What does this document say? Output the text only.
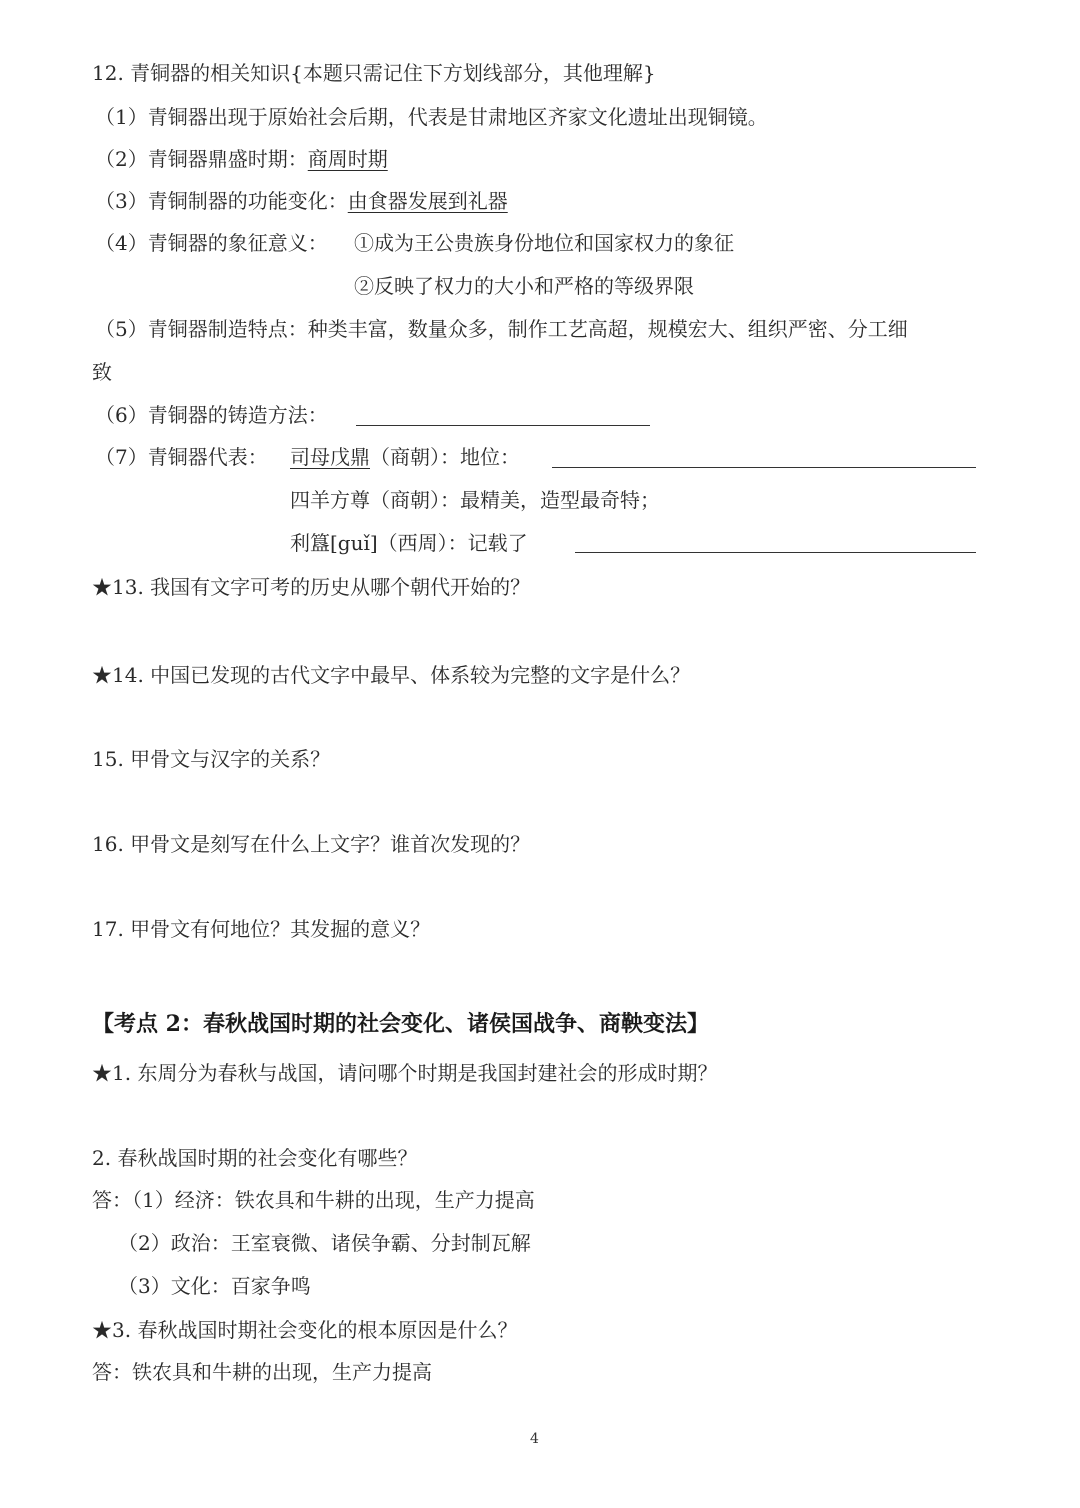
12. 青铜器的相关知识{本题只需记住下方划线部分，其他理解}
（1）青铜器出现于原始社会后期，代表是甘肃地区齐家文化遗址出现铜镜。
（2）青铜器鼎盛时期：商周时期
（3）青铜制器的功能变化：由食器发展到礼器
（4）青铜器的象征意义： ①成为王公贵族身份地位和国家权力的象征
②反映了权力的大小和严格的等级界限
（5）青铜器制造特点：种类丰富，数量众多，制作工艺高超，规模宏大、组织严密、分工细
致
（6）青铜器的铸造方法：
（7）青铜器代表： 司母戊鼎（商朝）：地位：
四羊方尊（商朝）：最精美，造型最奇特；
利簋[guǐ]（西周）：记载了
★13. 我国有文字可考的历史从哪个朝代开始的？
★14. 中国已发现的古代文字中最早、体系较为完整的文字是什么？
15. 甲骨文与汉字的关系？
16. 甲骨文是刻写在什么上文字？谁首次发现的？
17. 甲骨文有何地位？其发掘的意义？
【考点 2：春秋战国时期的社会变化、诸侯国战争、商鞅变法】
★1. 东周分为春秋与战国，请问哪个时期是我国封建社会的形成时期？
2. 春秋战国时期的社会变化有哪些？
答：（1）经济：铁农具和牛耕的出现，生产力提高
（2）政治：王室衰微、诸侯争霸、分封制瓦解
（3）文化：百家争鸣
★3. 春秋战国时期社会变化的根本原因是什么？
答：铁农具和牛耕的出现，生产力提高
4
